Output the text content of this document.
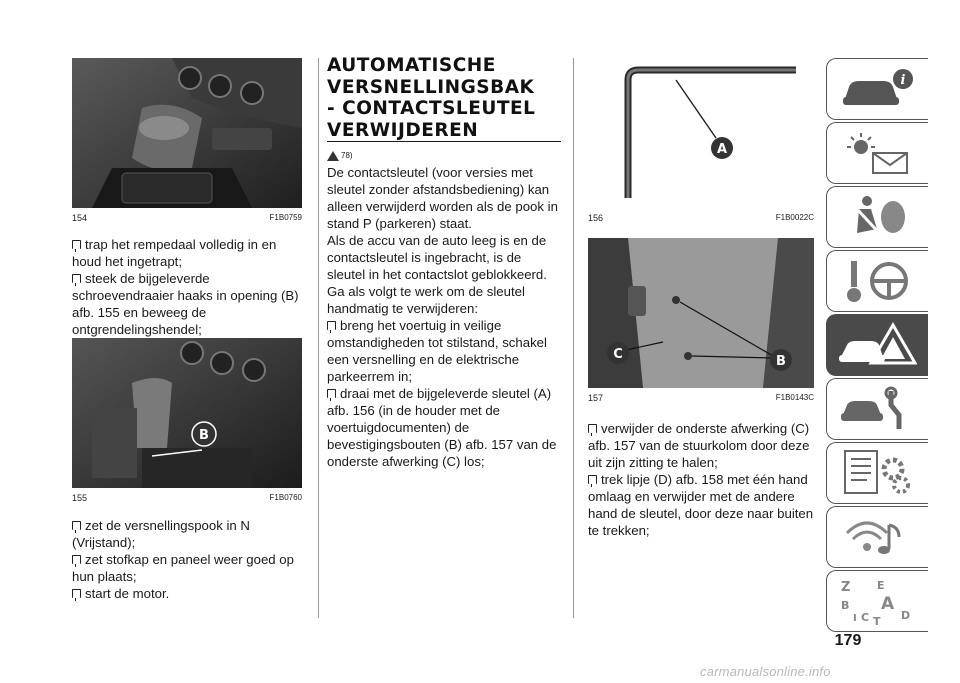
154	F1B0759

trap het rempedaal volledig in en houd het ingetrapt;

steek de bijgeleverde schroevendraaier haaks in opening (B) afb. 155 en beweeg de ontgrendelingshendel;

B
155	F1B0760

zet de versnellingspook in N (Vrijstand);

zet stofkap en paneel weer goed op hun plaats;

start de motor.

AUTOMATISCHE
VERSNELLINGSBAK
- CONTACTSLEUTEL
VERWIJDEREN

78)

De contactsleutel (voor versies met sleutel zonder afstandsbediening) kan alleen verwijderd worden als de pook in stand P (parkeren) staat.

Als de accu van de auto leeg is en de contactsleutel is ingebracht, is de sleutel in het contactslot geblokkeerd.

Ga als volgt te werk om de sleutel handmatig te verwijderen:

breng het voertuig in veilige omstandigheden tot stilstand, schakel een versnelling en de elektrische parkeerrem in;

draai met de bijgeleverde sleutel (A) afb. 156 (in de houder met de voertuigdocumenten) de bevestigingsbouten (B) afb. 157 van de onderste afwerking (C) los;

A
156	F1B0022C
B
C
157	F1B0143C

verwijder de onderste afwerking (C) afb. 157 van de stuurkolom door deze uit zijn zitting te halen;

trek lipje (D) afb. 158 met één hand omlaag en verwijder met de andere hand de sleutel, door deze naar buiten te trekken;

i
Z E
B A
I C T D
179
carmanualsonline.info
